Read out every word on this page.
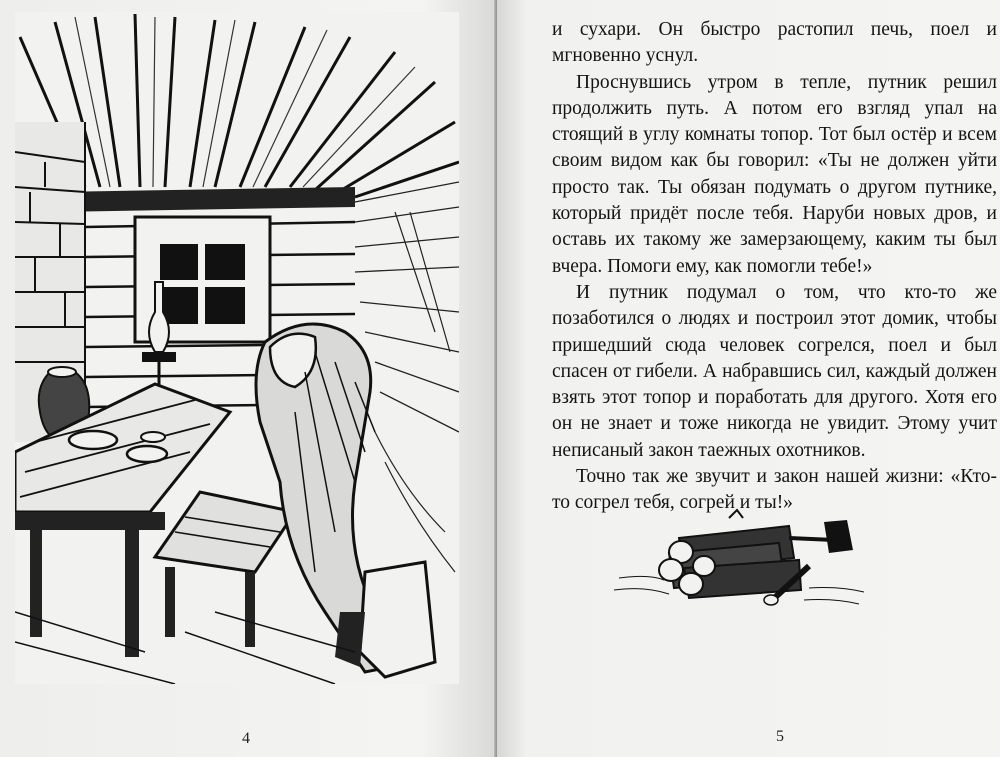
4

и сухари. Он быстро растопил печь, поел и мгновенно уснул.

Проснувшись утром в тепле, путник решил продолжить путь. А потом его взгляд упал на стоящий в углу комнаты топор. Тот был остёр и всем своим видом как бы говорил: «Ты не должен уйти просто так. Ты обязан подумать о другом путнике, который придёт после тебя. Наруби новых дров, и оставь их такому же замерзающему, каким ты был вчера. Помоги ему, как помогли тебе!»

И путник подумал о том, что кто-то же позаботился о людях и построил этот домик, чтобы пришедший сюда человек согрелся, поел и был спасен от гибели. А набравшись сил, каждый должен взять этот топор и поработать для другого. Хотя его он не знает и тоже никогда не увидит. Этому учит неписаный закон таежных охотников.

Точно так же звучит и закон нашей жизни: «Кто-то согрел тебя, согрей и ты!»

5
